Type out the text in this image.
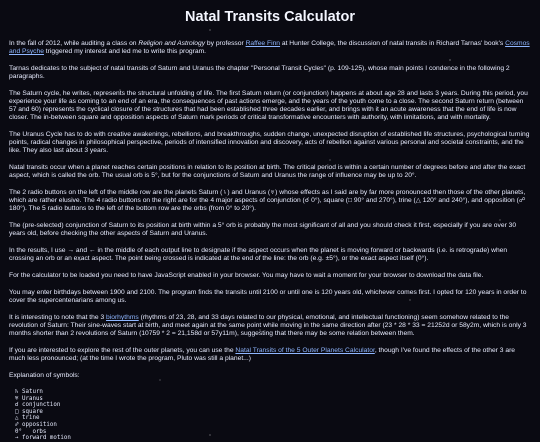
Natal Transits Calculator

In the fall of 2012, while auditing a class on Religion and Astrology by professor Raffee Finn at Hunter College, the discussion of natal transits in Richard Tarnas' book's Cosmos and Psyche triggered my interest and led me to write this program.

Tarnas dedicates to the subject of natal transits of Saturn and Uranus the chapter "Personal Transit Cycles" (p. 109-125), whose main points I condence in the following 2 paragraphs.

The Saturn cycle, he writes, represents the structural unfolding of life. The first Saturn return (or conjunction) happens at about age 28 and lasts 3 years. During this period, you experience your life as coming to an end of an era, the consequences of past actions emerge, and the years of the youth come to a close. The second Saturn return (between 57 and 60) represents the cyclical closure of the structures that had been established three decades earlier, and brings with it an acute awareness that the end of life is now closer. The in-between square and opposition aspects of Saturn mark periods of critical transformative encounters with authority, with limitations, and with mortality.

The Uranus Cycle has to do with creative awakenings, rebellions, and breakthroughs, sudden change, unexpected disruption of established life structures, psychological turning points, radical changes in philosophical perspective, periods of intensified innovation and discovery, acts of rebellion against various personal and societal constraints, and the like. They also last about 3 years.

Natal transits occur when a planet reaches certain positions in relation to its position at birth. The critical period is within a certain number of degrees before and after the exact aspect, which is called the orb. The usual orb is 5°, but for the conjunctions of Saturn and Uranus the range of influence may be up to 20°.

The 2 radio buttons on the left of the middle row are the planets Saturn (♄) and Uranus (♅) whose effects as I said are by far more pronounced then those of the other planets, which are rather elusive. The 4 radio buttons on the right are for the 4 major aspects of conjunction (☌ 0°), square (□ 90° and 270°), trine (△ 120° and 240°), and opposition (☍ 180°). The 5 radio buttons to the left of the bottom row are the orbs (from 0° to 20°).

The (pre-selected) conjunction of Saturn to its position at birth within a 5° orb is probably the most significant of all and you should check it first, especially if you are over 30 years old, before checking the other aspects of Saturn and Uranus.

In the results, I use → and ← in the middle of each output line to designate if the aspect occurs when the planet is moving forward or backwards (i.e. is retrograde) when crossing an orb or an exact aspect. The point being crossed is indicated at the end of the line: the orb (e.g. ±5°), or the exact aspect itself (0°).

For the calculator to be loaded you need to have JavaScript enabled in your browser. You may have to wait a moment for your browser to download the data file.

You may enter birthdays between 1900 and 2100. The program finds the transits until 2100 or until one is 120 years old, whichever comes first. I opted for 120 years in order to cover the supercentenarians among us.

It is interesting to note that the 3 biorhythms (rhythms of 23, 28, and 33 days related to our physical, emotional, and intellectual functioning) seem somehow related to the revolution of Saturn: Their sine-waves start at birth, and meet again at the same point while moving in the same direction after (23 * 28 * 33 = 21252d or 58y2m, which is only 3 months shorter than 2 revolutions of Saturn (10759 * 2 = 21,158d or 57y11m), suggesting that there may be some relation between them.

If you are interested to explore the rest of the outer planets, you can use the Natal Transits of the 5 Outer Planets Calculator, though I've found the effects of the other 3 are much less pronounced; (at the time I wrote the program, Pluto was still a planet...)

Explanation of symbols:

♄ Saturn
♅ Uranus
☌ conjunction
□ square
△ trine
☍ opposition
0°   orbs
→ forward motion
